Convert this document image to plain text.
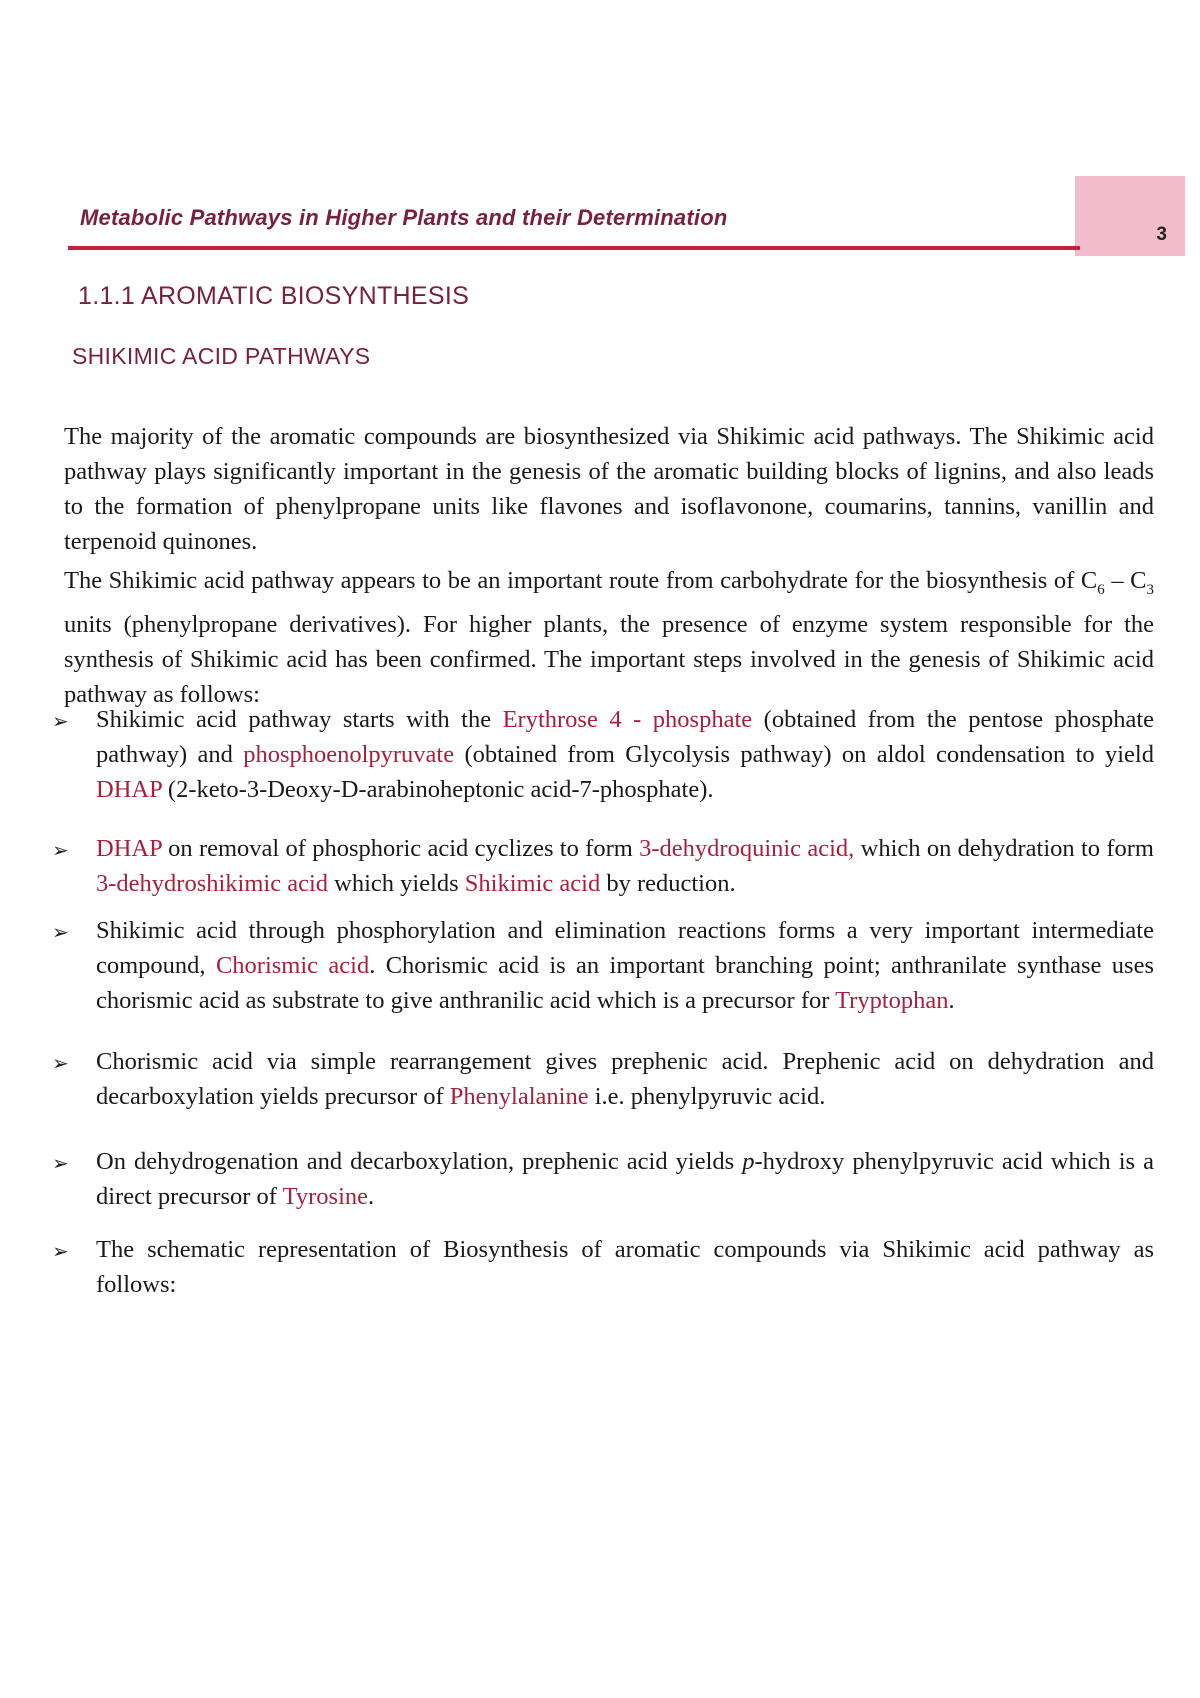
3
Metabolic Pathways in Higher Plants and their Determination
1.1.1 AROMATIC BIOSYNTHESIS
SHIKIMIC ACID PATHWAYS

The majority of the aromatic compounds are biosynthesized via Shikimic acid pathways. The Shikimic acid pathway plays significantly important in the genesis of the aromatic building blocks of lignins, and also leads to the formation of phenylpropane units like flavones and isoflavonone, coumarins, tannins, vanillin and terpenoid quinones.

The Shikimic acid pathway appears to be an important route from carbohydrate for the biosynthesis of $C_6 - C_3$ units (phenylpropane derivatives). For higher plants, the presence of enzyme system responsible for the synthesis of Shikimic acid has been confirmed. The important steps involved in the genesis of Shikimic acid pathway as follows:

➢ Shikimic acid pathway starts with the Erythrose 4 - phosphate (obtained from the pentose phosphate pathway) and phosphoenolpyruvate (obtained from Glycolysis pathway) on aldol condensation to yield DHAP (2-keto-3-Deoxy-D-arabinoheptonic acid-7-phosphate).
➢ DHAP on removal of phosphoric acid cyclizes to form 3-dehydroquinic acid, which on dehydration to form 3-dehydroshikimic acid which yields Shikimic acid by reduction.
➢ Shikimic acid through phosphorylation and elimination reactions forms a very important intermediate compound, Chorismic acid. Chorismic acid is an important branching point; anthranilate synthase uses chorismic acid as substrate to give anthranilic acid which is a precursor for Tryptophan.
➢ Chorismic acid via simple rearrangement gives prephenic acid. Prephenic acid on dehydration and decarboxylation yields precursor of Phenylalanine i.e. phenylpyruvic acid.
➢ On dehydrogenation and decarboxylation, prephenic acid yields p-hydroxy phenylpyruvic acid which is a direct precursor of Tyrosine.
➢ The schematic representation of Biosynthesis of aromatic compounds via Shikimic acid pathway as follows:
